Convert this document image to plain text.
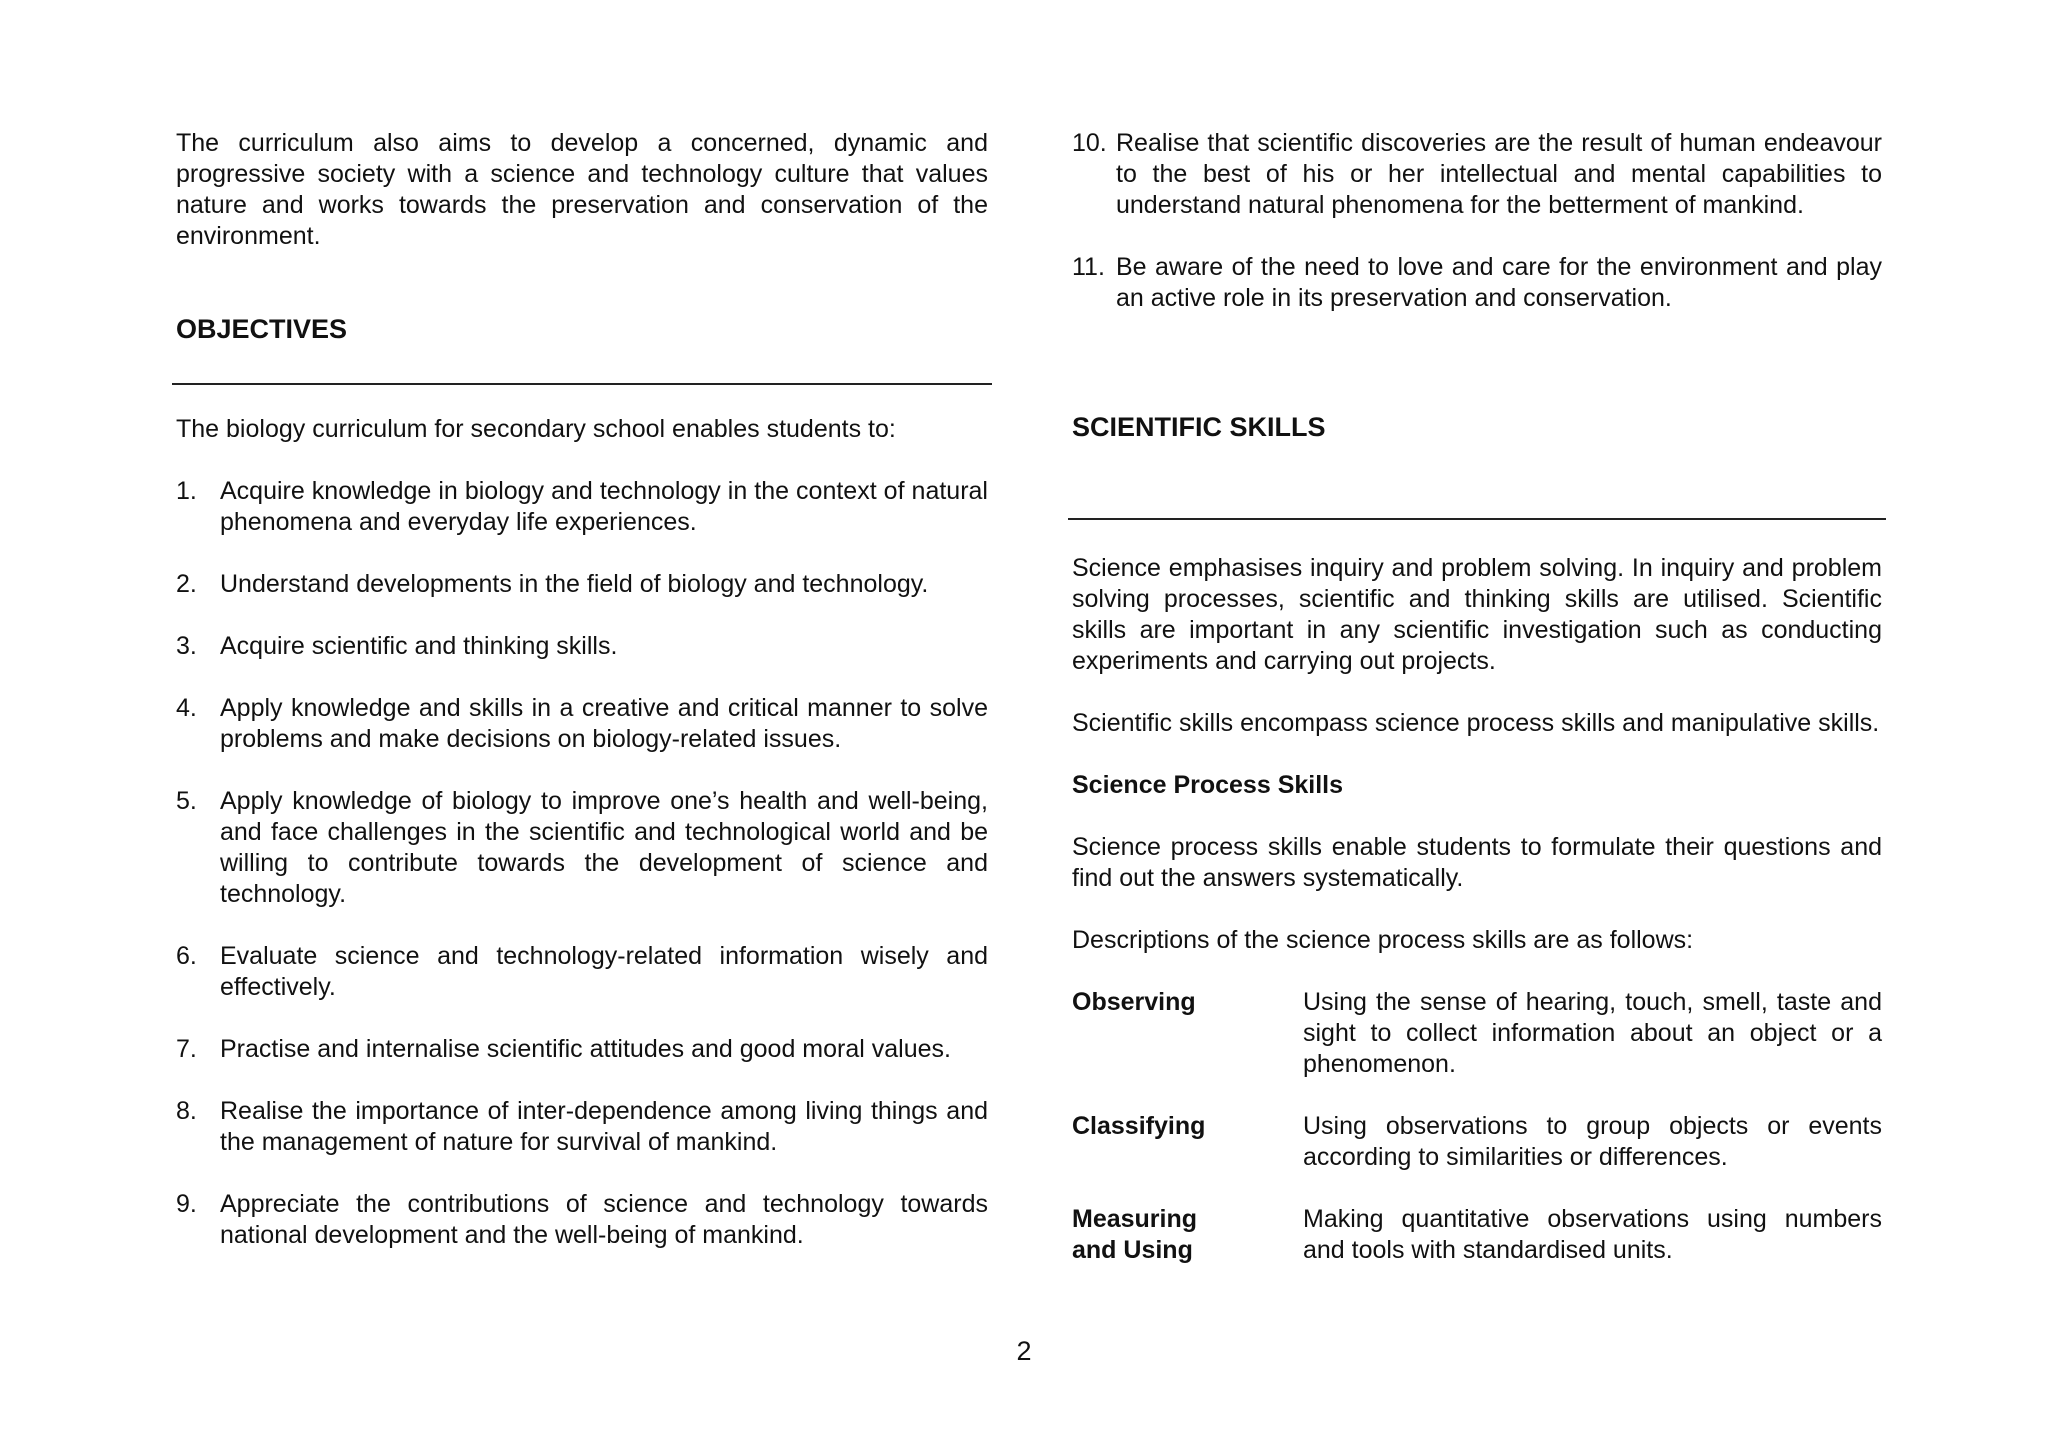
The curriculum also aims to develop a concerned, dynamic and progressive society with a science and technology culture that values nature and works towards the preservation and conservation of the environment.

OBJECTIVES

The biology curriculum for secondary school enables students to:

1. Acquire knowledge in biology and technology in the context of natural phenomena and everyday life experiences.
2. Understand developments in the field of biology and technology.
3. Acquire scientific and thinking skills.
4. Apply knowledge and skills in a creative and critical manner to solve problems and make decisions on biology-related issues.
5. Apply knowledge of biology to improve one’s health and well-being, and face challenges in the scientific and technological world and be willing to contribute towards the development of science and technology.
6. Evaluate science and technology-related information wisely and effectively.
7. Practise and internalise scientific attitudes and good moral values.
8. Realise the importance of inter-dependence among living things and the management of nature for survival of mankind.
9. Appreciate the contributions of science and technology towards national development and the well-being of mankind.
10. Realise that scientific discoveries are the result of human endeavour to the best of his or her intellectual and mental capabilities to understand natural phenomena for the betterment of mankind.
11. Be aware of the need to love and care for the environment and play an active role in its preservation and conservation.
SCIENTIFIC SKILLS

Science emphasises inquiry and problem solving. In inquiry and problem solving processes, scientific and thinking skills are utilised. Scientific skills are important in any scientific investigation such as conducting experiments and carrying out projects.

Scientific skills encompass science process skills and manipulative skills.

Science Process Skills

Science process skills enable students to formulate their questions and find out the answers systematically.

Descriptions of the science process skills are as follows:

Observing	Using the sense of hearing, touch, smell, taste and sight to collect information about an object or a phenomenon.
Classifying	Using observations to group objects or events according to similarities or differences.
Measuring and Using
Making quantitative observations using numbers and tools with standardised units.
2
